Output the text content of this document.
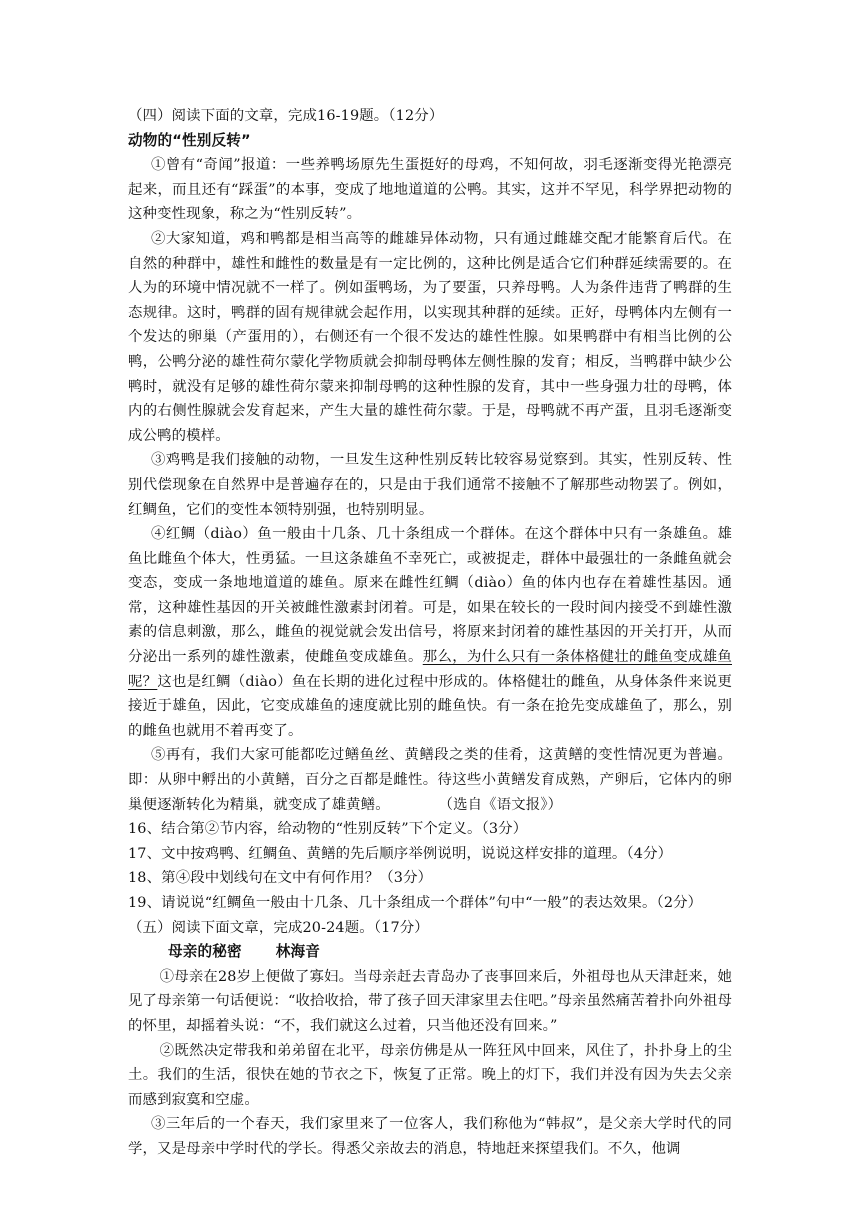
（四）阅读下面的文章，完成16-19题。（12分）

动物的“性别反转”

①曾有“奇闻”报道：一些养鸭场原先生蛋挺好的母鸡，不知何故，羽毛逐渐变得光艳漂亮起来，而且还有“踩蛋”的本事，变成了地地道道的公鸭。其实，这并不罕见，科学界把动物的这种变性现象，称之为“性别反转”。

②大家知道，鸡和鸭都是相当高等的雌雄异体动物，只有通过雌雄交配才能繁育后代。在自然的种群中，雄性和雌性的数量是有一定比例的，这种比例是适合它们种群延续需要的。在人为的环境中情况就不一样了。例如蛋鸭场，为了要蛋，只养母鸭。人为条件违背了鸭群的生态规律。这时，鸭群的固有规律就会起作用，以实现其种群的延续。正好，母鸭体内左侧有一个发达的卵巢（产蛋用的），右侧还有一个很不发达的雄性性腺。如果鸭群中有相当比例的公鸭，公鸭分泌的雄性荷尔蒙化学物质就会抑制母鸭体左侧性腺的发育；相反，当鸭群中缺少公鸭时，就没有足够的雄性荷尔蒙来抑制母鸭的这种性腺的发育，其中一些身强力壮的母鸭，体内的右侧性腺就会发育起来，产生大量的雄性荷尔蒙。于是，母鸭就不再产蛋，且羽毛逐渐变成公鸭的模样。

③鸡鸭是我们接触的动物，一旦发生这种性别反转比较容易觉察到。其实，性别反转、性别代偿现象在自然界中是普遍存在的，只是由于我们通常不接触不了解那些动物罢了。例如，红鲷鱼，它们的变性本领特别强，也特别明显。

④红鲷（diào）鱼一般由十几条、几十条组成一个群体。在这个群体中只有一条雄鱼。雄鱼比雌鱼个体大，性勇猛。一旦这条雄鱼不幸死亡，或被捉走，群体中最强壮的一条雌鱼就会变态，变成一条地地道道的雄鱼。原来在雌性红鲷（diào）鱼的体内也存在着雄性基因。通常，这种雄性基因的开关被雌性激素封闭着。可是，如果在较长的一段时间内接受不到雄性激素的信息刺激，那么，雌鱼的视觉就会发出信号，将原来封闭着的雄性基因的开关打开，从而分泌出一系列的雄性激素，使雌鱼变成雄鱼。那么，为什么只有一条体格健壮的雌鱼变成雄鱼呢？这也是红鲷（diào）鱼在长期的进化过程中形成的。体格健壮的雌鱼，从身体条件来说更接近于雄鱼，因此，它变成雄鱼的速度就比别的雌鱼快。有一条在抢先变成雄鱼了，那么，别的雌鱼也就用不着再变了。

⑤再有，我们大家可能都吃过鳝鱼丝、黄鳝段之类的佳肴，这黄鳝的变性情况更为普遍。即：从卵中孵出的小黄鳝，百分之百都是雌性。待这些小黄鳝发育成熟，产卵后，它体内的卵巢便逐渐转化为精巢，就变成了雄黄鳝。	（选自《语文报》）

16、结合第②节内容，给动物的“性别反转”下个定义。（3分）

17、文中按鸡鸭、红鲷鱼、黄鳝的先后顺序举例说明，说说这样安排的道理。（4分）

18、第④段中划线句在文中有何作用？（3分）

19、请说说“红鲷鱼一般由十几条、几十条组成一个群体”句中“一般”的表达效果。（2分）

（五）阅读下面文章，完成20-24题。（17分）

母亲的秘密 林海音

①母亲在28岁上便做了寡妇。当母亲赶去青岛办了丧事回来后，外祖母也从天津赶来，她见了母亲第一句话便说：“收拾收拾，带了孩子回天津家里去住吧。”母亲虽然痛苦着扑向外祖母的怀里，却摇着头说：“不，我们就这么过着，只当他还没有回来。”

②既然决定带我和弟弟留在北平，母亲仿佛是从一阵狂风中回来，风住了，扑扑身上的尘土。我们的生活，很快在她的节衣之下，恢复了正常。晚上的灯下，我们并没有因为失去父亲而感到寂寞和空虚。

③三年后的一个春天，我们家里来了一位客人，我们称他为“韩叔”，是父亲大学时代的同学，又是母亲中学时代的学长。得悉父亲故去的消息，特地赶来探望我们。不久，他调
